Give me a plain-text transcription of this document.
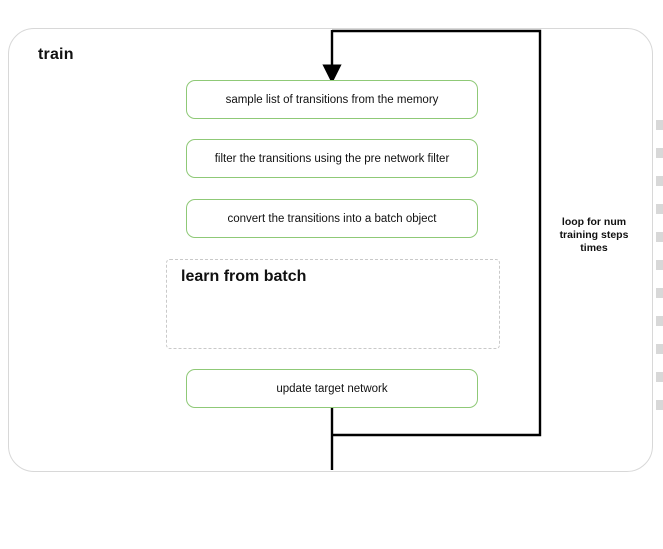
train
sample list of transitions from the memory
filter the transitions using the pre network filter
convert the transitions into a batch object
learn from batch
update target network
loop for num training steps times
